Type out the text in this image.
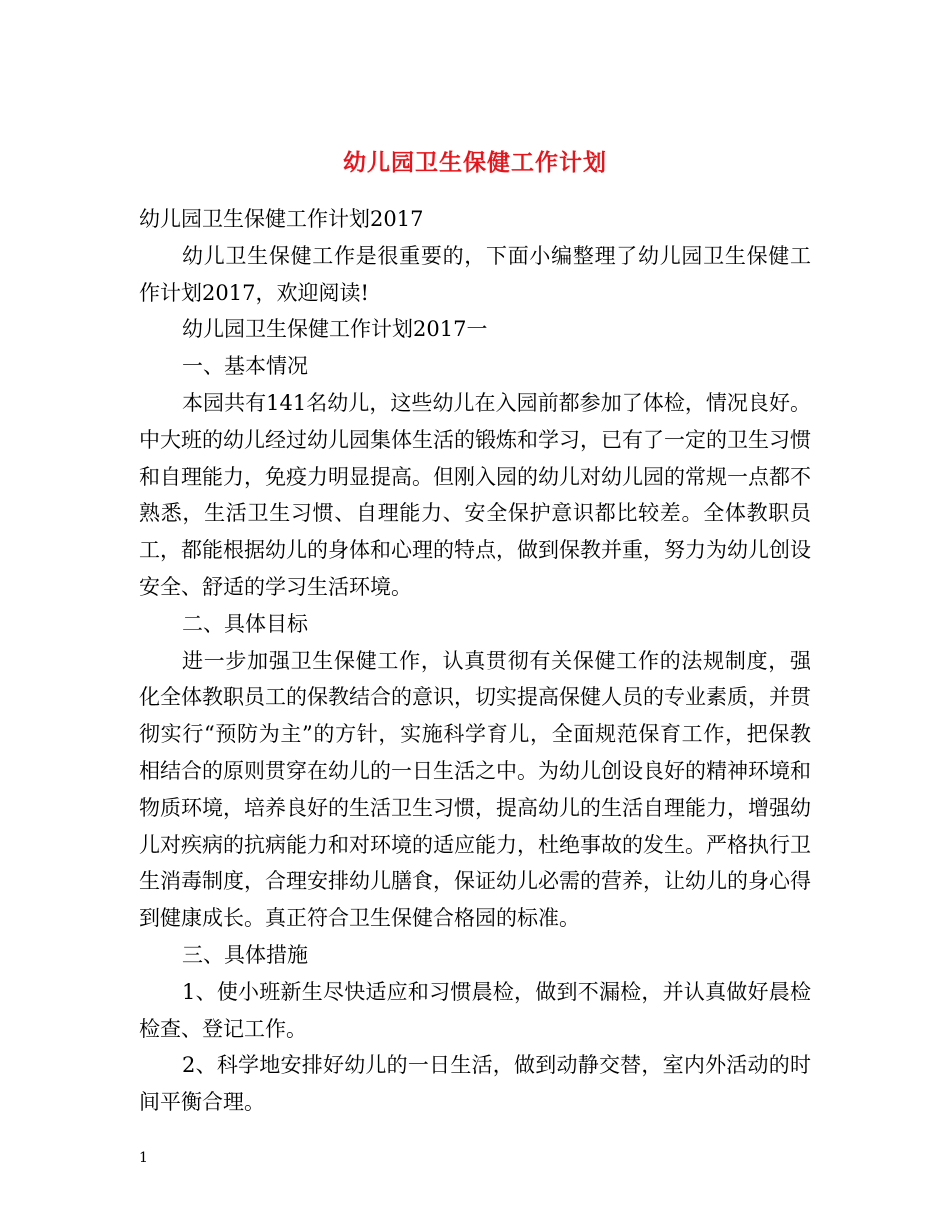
幼儿园卫生保健工作计划

幼儿园卫生保健工作计划2017

幼儿卫生保健工作是很重要的，下面小编整理了幼儿园卫生保健工作计划2017，欢迎阅读!

幼儿园卫生保健工作计划2017一

一、基本情况

本园共有141名幼儿，这些幼儿在入园前都参加了体检，情况良好。中大班的幼儿经过幼儿园集体生活的锻炼和学习，已有了一定的卫生习惯和自理能力，免疫力明显提高。但刚入园的幼儿对幼儿园的常规一点都不熟悉，生活卫生习惯、自理能力、安全保护意识都比较差。全体教职员工，都能根据幼儿的身体和心理的特点，做到保教并重，努力为幼儿创设安全、舒适的学习生活环境。

二、具体目标

进一步加强卫生保健工作，认真贯彻有关保健工作的法规制度，强化全体教职员工的保教结合的意识，切实提高保健人员的专业素质，并贯彻实行“预防为主”的方针，实施科学育儿，全面规范保育工作，把保教相结合的原则贯穿在幼儿的一日生活之中。为幼儿创设良好的精神环境和物质环境，培养良好的生活卫生习惯，提高幼儿的生活自理能力，增强幼儿对疾病的抗病能力和对环境的适应能力，杜绝事故的发生。严格执行卫生消毒制度，合理安排幼儿膳食，保证幼儿必需的营养，让幼儿的身心得到健康成长。真正符合卫生保健合格园的标准。

三、具体措施

1、使小班新生尽快适应和习惯晨检，做到不漏检，并认真做好晨检检查、登记工作。

2、科学地安排好幼儿的一日生活，做到动静交替，室内外活动的时间平衡合理。

1
